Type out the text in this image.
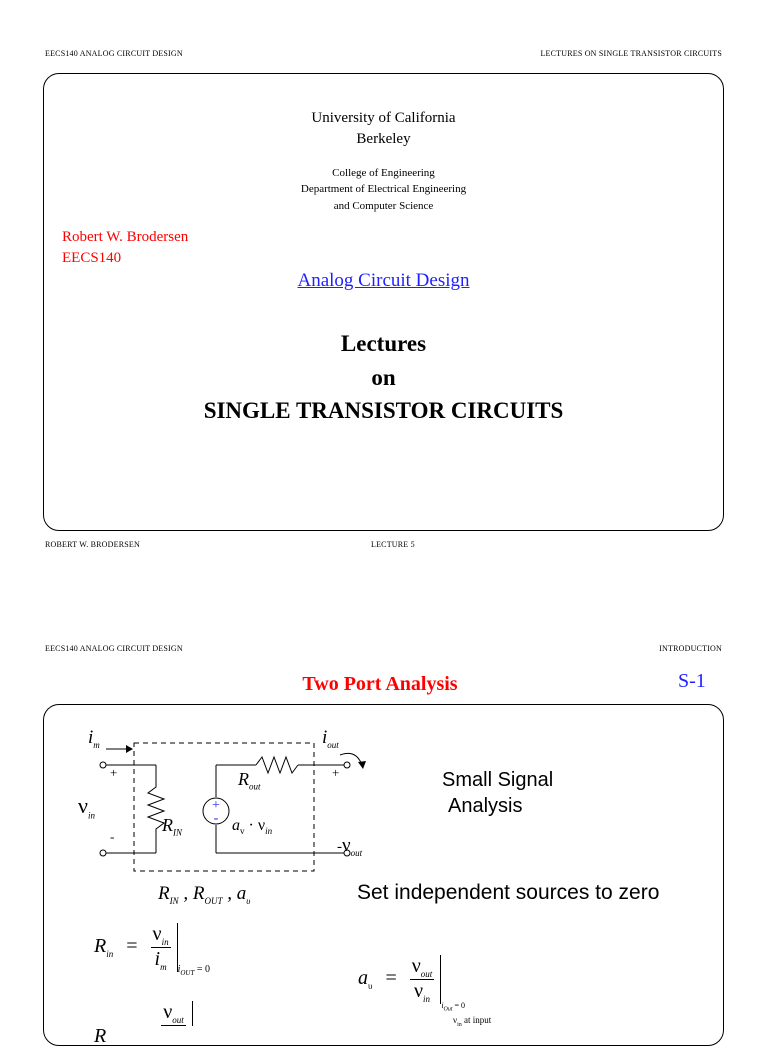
EECS140 ANALOG CIRCUIT DESIGN	LECTURES ON SINGLE TRANSISTOR CIRCUITS
University of California
Berkeley
College of Engineering
Department of Electrical Engineering
and Computer Science
Robert W. Brodersen
EECS140
Analog Circuit Design
Lectures
on
SINGLE TRANSISTOR CIRCUITS
ROBERT W. BRODERSEN	LECTURE 5
EECS140 ANALOG CIRCUIT DESIGN	INTRODUCTION
Two Port Analysis	S-1
+
-
$i_m$
+
-
$\nu_{in}$	$R_{IN}$
$R_{out}$
$a_v \cdot \nu_{in}$
$i_{out}$
+
$-\nu_{out}$
Small Signal
Analysis
$R_{IN}$ , $R_{OUT}$ , $a_\upsilon$	Set independent sources to zero
$R_{in} = \frac{\nu_{in}}{i_m} _{i_{OUT} = 0}$	$a_\upsilon = \frac{\nu_{out}}{\nu_{in}}$
$_{i_{Out} = 0}$
$\nu_{in}$ at input
R
$\nu_{out}$
